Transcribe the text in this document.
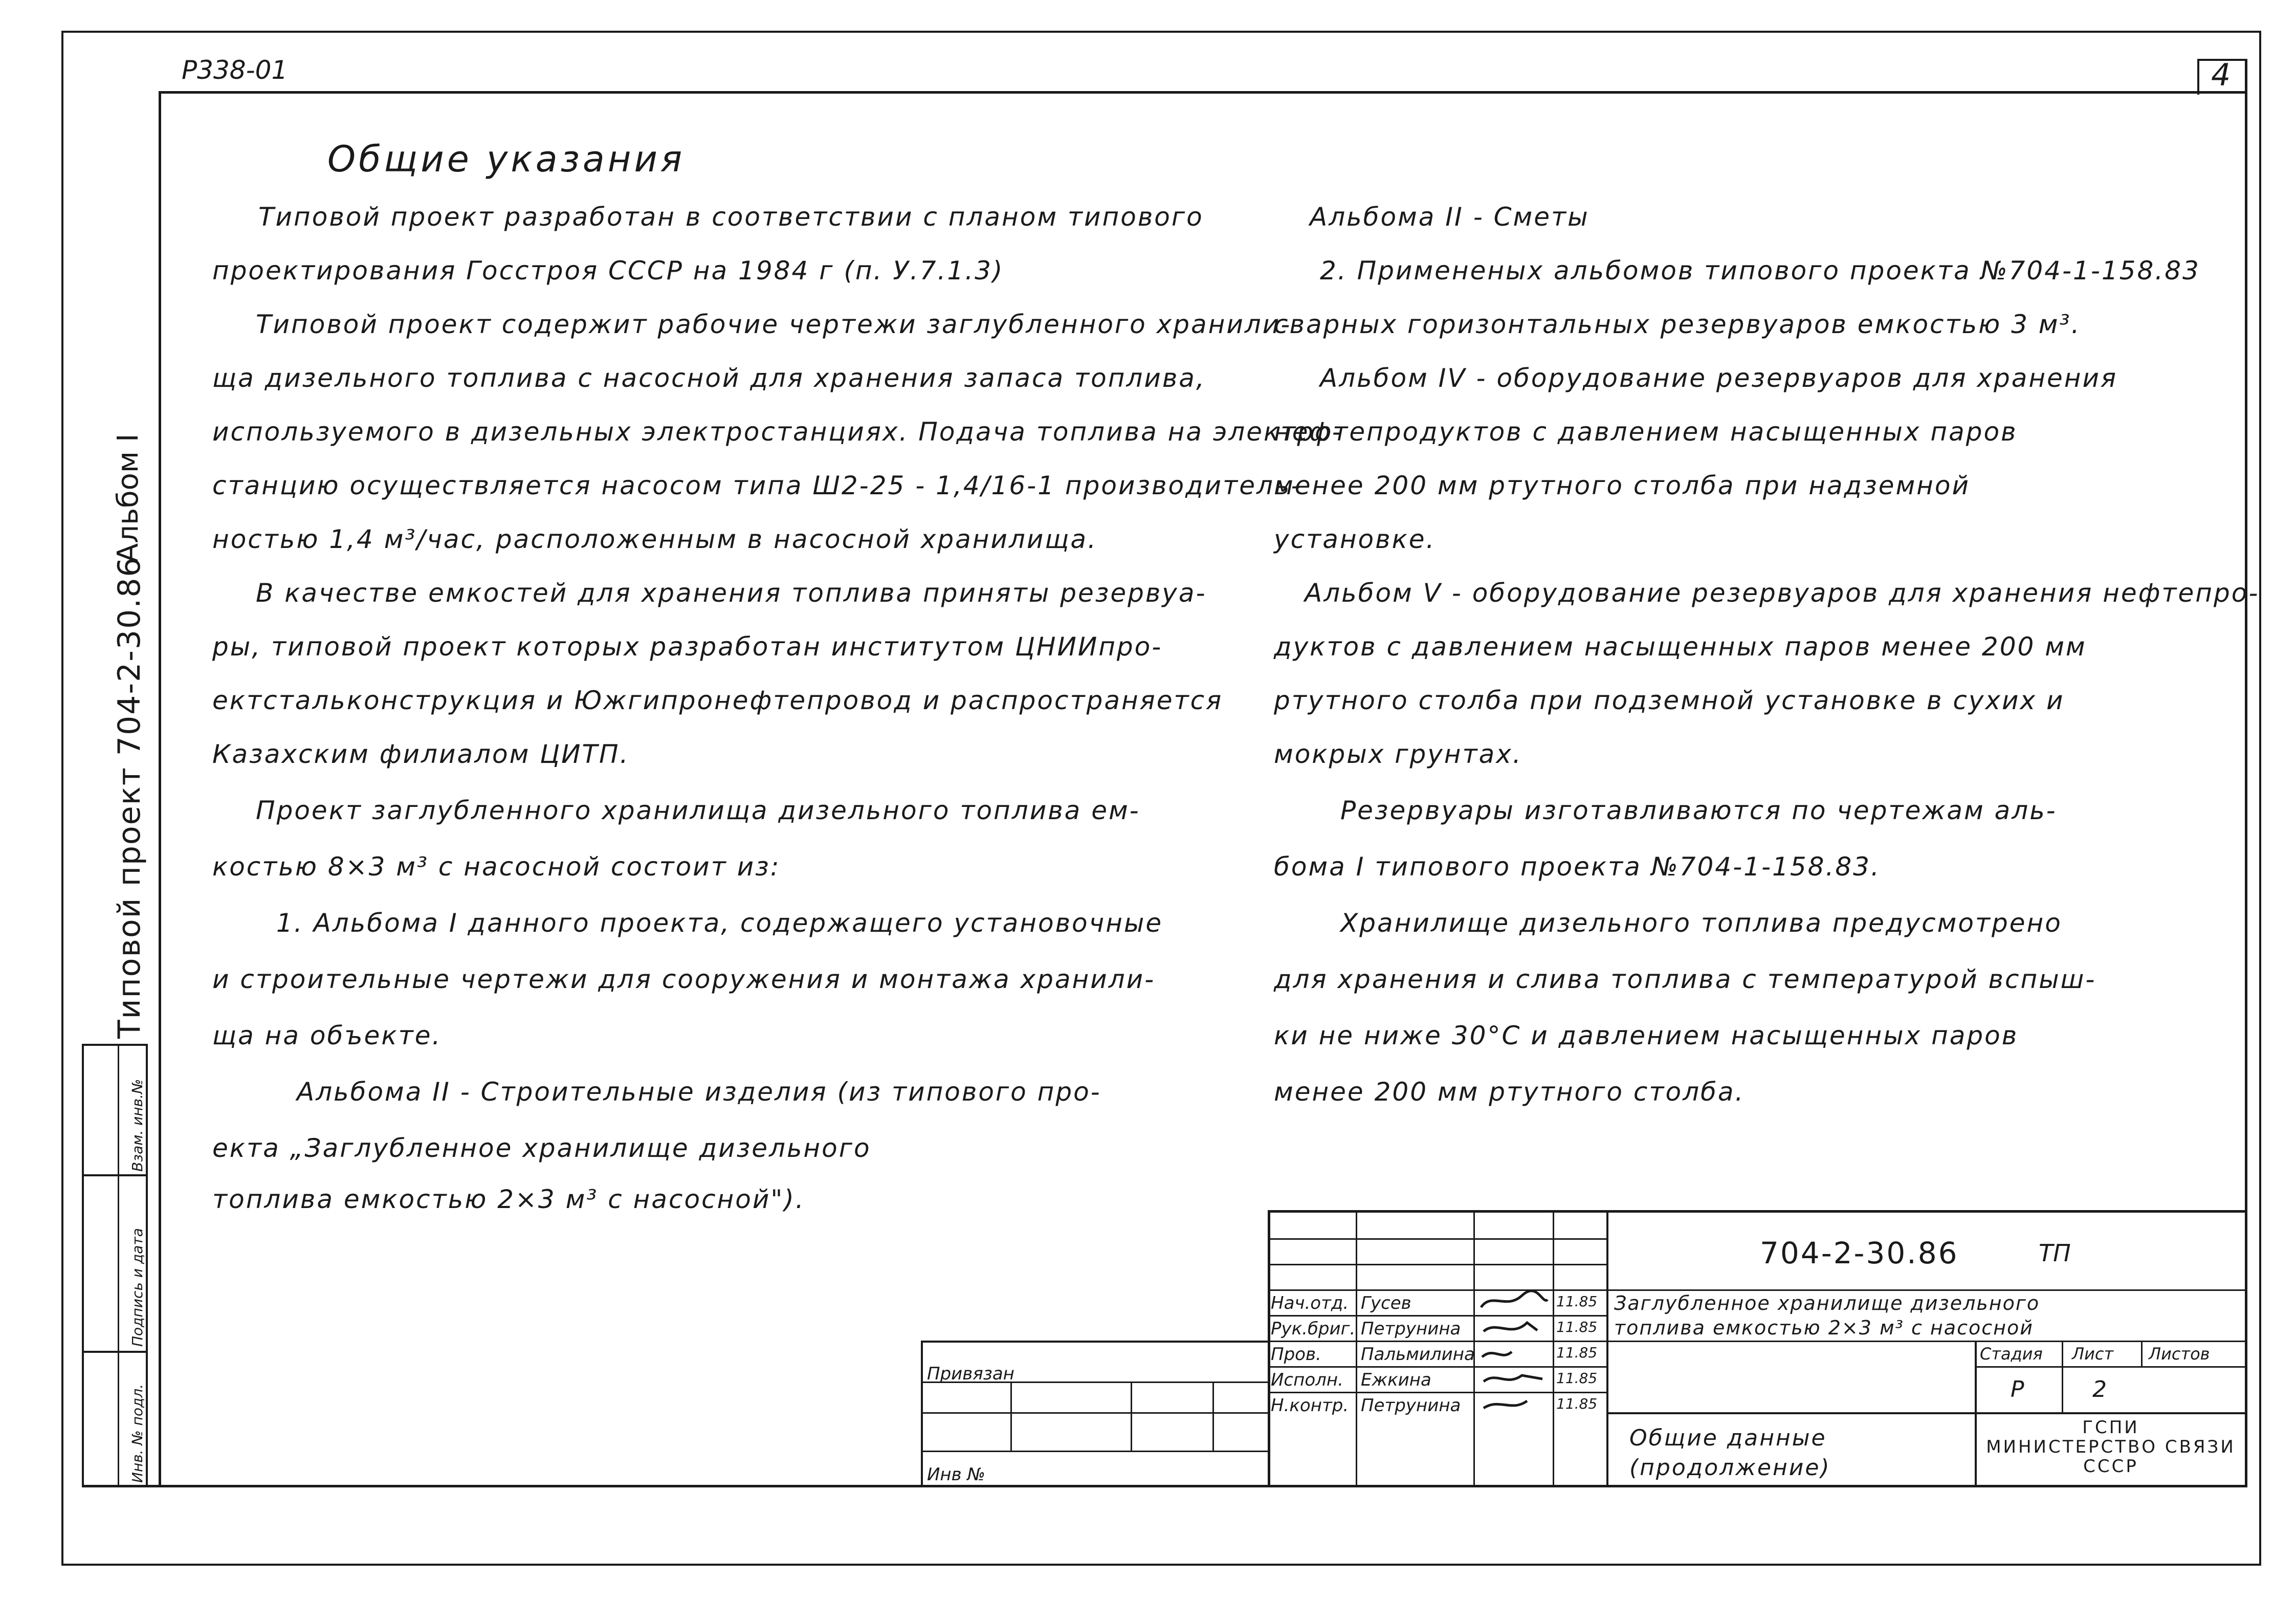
Р338-01	4
Альбом I
Типовой проект 704-2-30.86
Взам. инв.№
Подпись и дата
Инв. № подл.
Общие указания
Типовой проект разработан в соответствии с планом типового
проектирования Госстроя СССР на 1984 г (п. У.7.1.3)
Типовой проект содержит рабочие чертежи заглубленного хранили-
ща дизельного топлива с насосной для хранения запаса топлива,
используемого в дизельных электростанциях. Подача топлива на электро-
станцию осуществляется насосом типа Ш2-25 - 1,4/16-1 производитель-
ностью 1,4 м³/час, расположенным в насосной хранилища.
В качестве емкостей для хранения топлива приняты резервуа-
ры, типовой проект которых разработан институтом ЦНИИпро-
ектстальконструкция и Южгипронефтепровод и распространяется
Казахским филиалом ЦИТП.
Проект заглубленного хранилища дизельного топлива ем-
костью 8×3 м³ с насосной состоит из:
1. Альбома I данного проекта, содержащего установочные
и строительные чертежи для сооружения и монтажа хранили-
ща на объекте.
Альбома II - Строительные изделия (из типового про-
екта „Заглубленное хранилище дизельного
топлива емкостью 2×3 м³ с насосной").
Альбома II - Сметы
2. Примененых альбомов типового проекта №704-1-158.83
сварных горизонтальных резервуаров емкостью 3 м³.
Альбом IV - оборудование резервуаров для хранения
нефтепродуктов с давлением насыщенных паров
менее 200 мм ртутного столба при надземной
установке.
Альбом V - оборудование резервуаров для хранения нефтепро-
дуктов с давлением насыщенных паров менее 200 мм
ртутного столба при подземной установке в сухих и
мокрых грунтах.
Резервуары изготавливаются по чертежам аль-
бома I типового проекта №704-1-158.83.
Хранилище дизельного топлива предусмотрено
для хранения и слива топлива с температурой вспыш-
ки не ниже 30°С и давлением насыщенных паров
менее 200 мм ртутного столба.
Привязан
Инв №
704-2-30.86	ТП
Нач.отд. Гусев	11.85
Рук.бриг. Петрунина	11.85
Пров. Пальмилина	11.85
Исполн. Ежкина	11.85
Н.контр. Петрунина	11.85
Заглубленное хранилище дизельного
топлива емкостью 2×3 м³ с насосной
Стадия Лист Листов
Р	2
Общие данные
(продолжение)
ГСПИ
МИНИСТЕРСТВО СВЯЗИ
СССР
